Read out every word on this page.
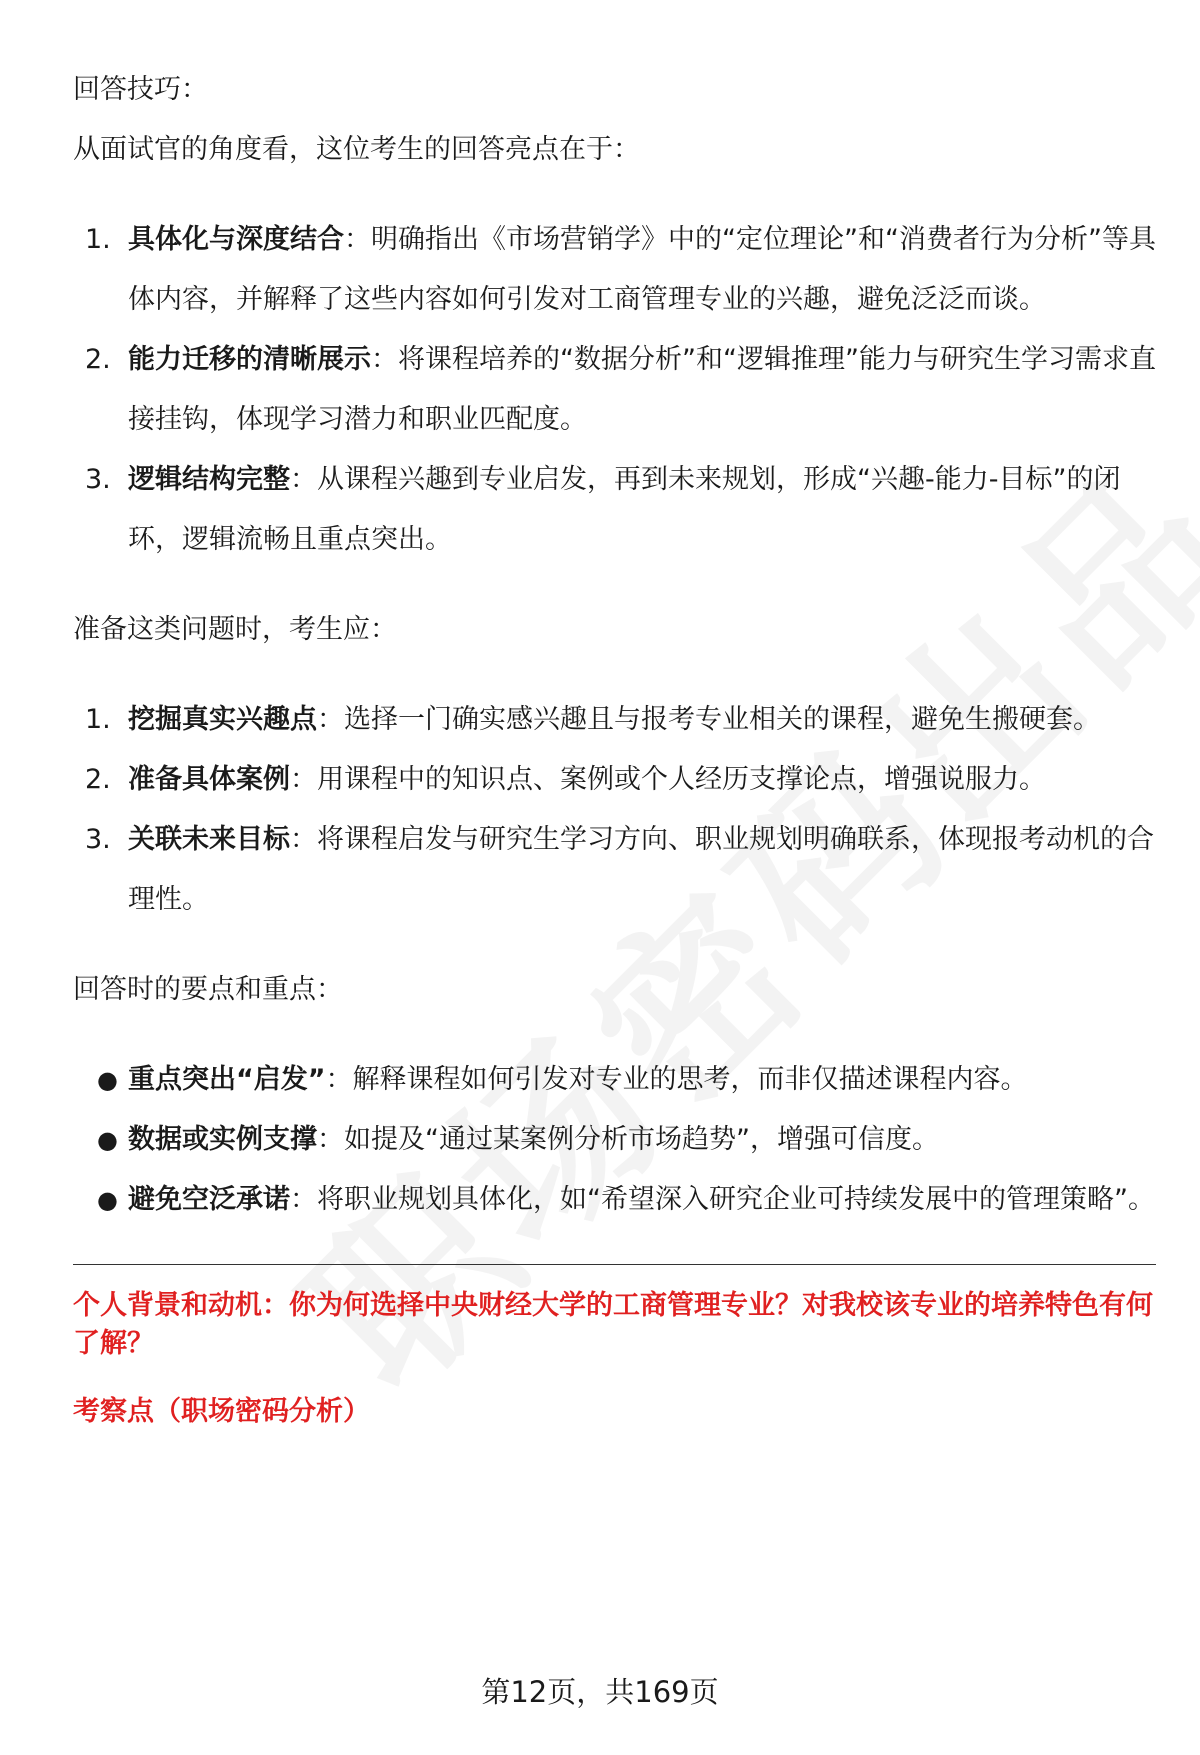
回答技巧：

从面试官的角度看，这位考生的回答亮点在于：

1. 具体化与深度结合：明确指出《市场营销学》中的“定位理论”和“消费者行为分析”等具体内容，并解释了这些内容如何引发对工商管理专业的兴趣，避免泛泛而谈。
2. 能力迁移的清晰展示：将课程培养的“数据分析”和“逻辑推理”能力与研究生学习需求直接挂钩，体现学习潜力和职业匹配度。
3. 逻辑结构完整：从课程兴趣到专业启发，再到未来规划，形成“兴趣-能力-目标”的闭环，逻辑流畅且重点突出。

准备这类问题时，考生应：

1. 挖掘真实兴趣点：选择一门确实感兴趣且与报考专业相关的课程，避免生搬硬套。
2. 准备具体案例：用课程中的知识点、案例或个人经历支撑论点，增强说服力。
3. 关联未来目标：将课程启发与研究生学习方向、职业规划明确联系，体现报考动机的合理性。

回答时的要点和重点：

● 重点突出“启发”：解释课程如何引发对专业的思考，而非仅描述课程内容。
● 数据或实例支撑：如提及“通过某案例分析市场趋势”，增强可信度。
● 避免空泛承诺：将职业规划具体化，如“希望深入研究企业可持续发展中的管理策略”。

个人背景和动机：你为何选择中央财经大学的工商管理专业？对我校该专业的培养特色有何了解？

考察点（职场密码分析）

第12页，共169页
